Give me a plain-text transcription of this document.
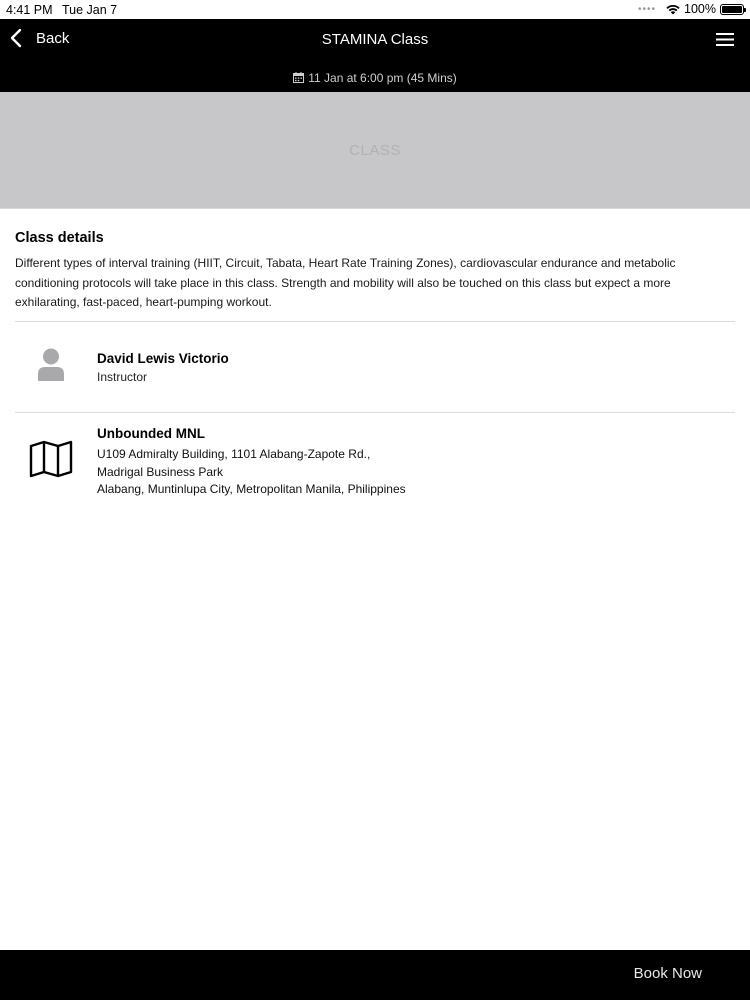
4:41 PM Tue Jan 7	•••• 100%
Back	STAMINA Class
11 Jan at 6:00 pm (45 Mins)
CLASS
Class details

Different types of interval training (HIIT, Circuit, Tabata, Heart Rate Training Zones), cardiovascular endurance and metabolic conditioning protocols will take place in this class. Strength and mobility will also be touched on this class but expect a more exhilarating, fast-paced, heart-pumping workout.

David Lewis Victorio
Instructor
Unbounded MNL
U109 Admiralty Building, 1101 Alabang-Zapote Rd.,
Madrigal Business Park
Alabang, Muntinlupa City, Metropolitan Manila, Philippines
Book Now
